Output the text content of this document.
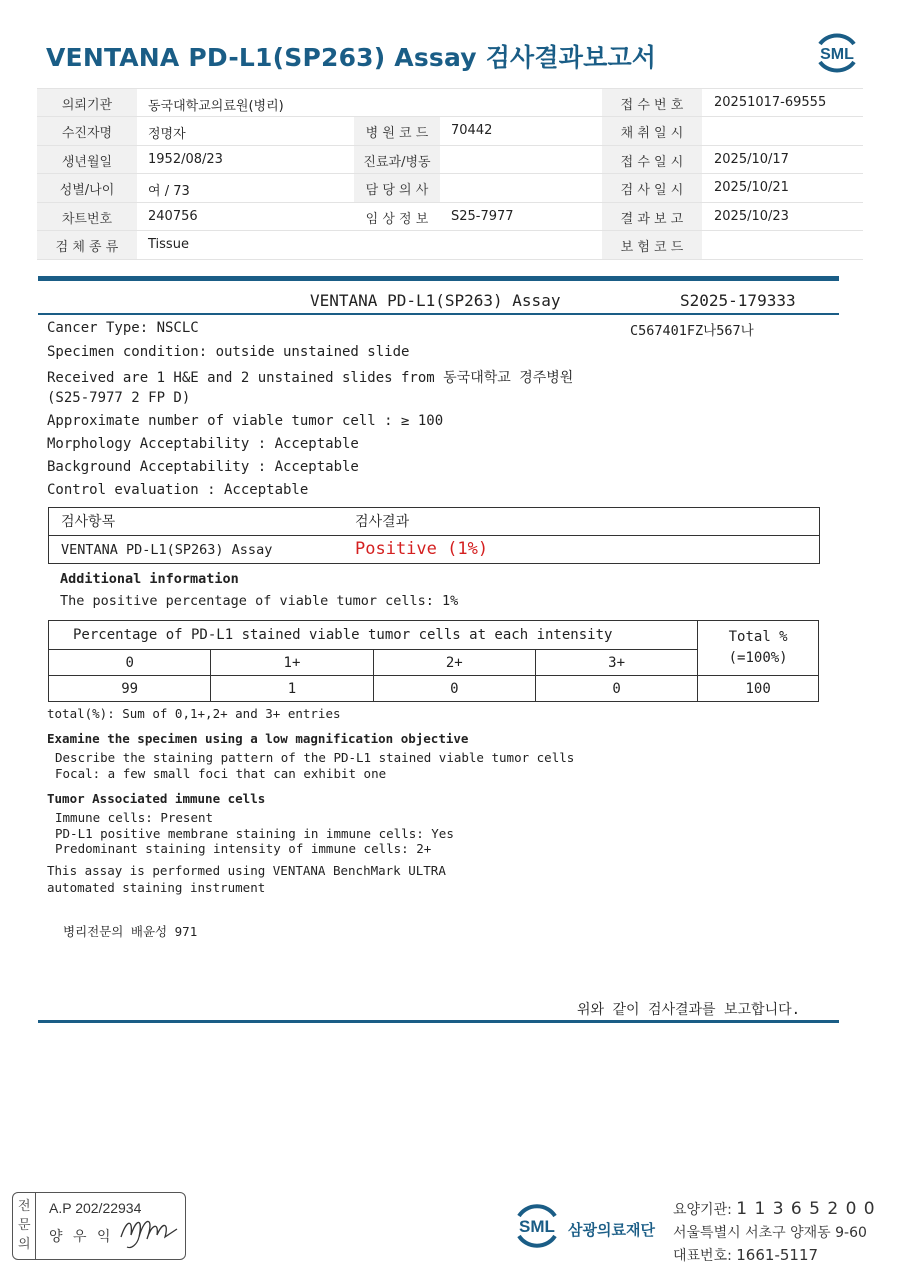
VENTANA PD-L1(SP263) Assay 검사결과보고서	SML
의뢰기관	동국대학교의료원(병리)	접 수 번 호	20251017-69555
수진자명	정명자	병 원 코 드	70442	채 취 일 시
생년월일	1952/08/23	진료과/병동	접 수 일 시	2025/10/17
성별/나이	여 / 73	담 당 의 사	검 사 일 시	2025/10/21
차트번호	240756	임 상 정 보	S25-7977	결 과 보 고	2025/10/23
검 체 종 류	Tissue	보 험 코 드
VENTANA PD-L1(SP263) Assay	S2025-179333
C567401FZ나567나
Cancer Type: NSCLC
Specimen condition: outside unstained slide
Received are 1 H&E and 2 unstained slides from 동국대학교 경주병원
(S25-7977 2 FP D)
Approximate number of viable tumor cell : ≥ 100
Morphology Acceptability : Acceptable
Background Acceptability : Acceptable
Control evaluation : Acceptable
검사항목	검사결과
VENTANA PD-L1(SP263) Assay	Positive (1%)
Additional information
The positive percentage of viable tumor cells: 1%
Percentage of PD-L1 stained viable tumor cells at each intensity				Total %
(=100%)

0	1+	2+	3+	
99	1	0	0	100
total(%): Sum of 0,1+,2+ and 3+ entries
Examine the specimen using a low magnification objective
Describe the staining pattern of the PD-L1 stained viable tumor cells
Focal: a few small foci that can exhibit one
Tumor Associated immune cells
Immune cells: Present
PD-L1 positive membrane staining in immune cells: Yes
Predominant staining intensity of immune cells: 2+
This assay is performed using VENTANA BenchMark ULTRA
automated staining instrument
병리전문의 배윤성 971
위와 같이 검사결과를 보고합니다.
전
문
의
A.P 202/22934
양 우 익
SML 삼광의료재단
요양기관: 1 1 3 6 5 2 0 0
서울특별시 서초구 양재동 9-60
대표번호: 1661-5117
